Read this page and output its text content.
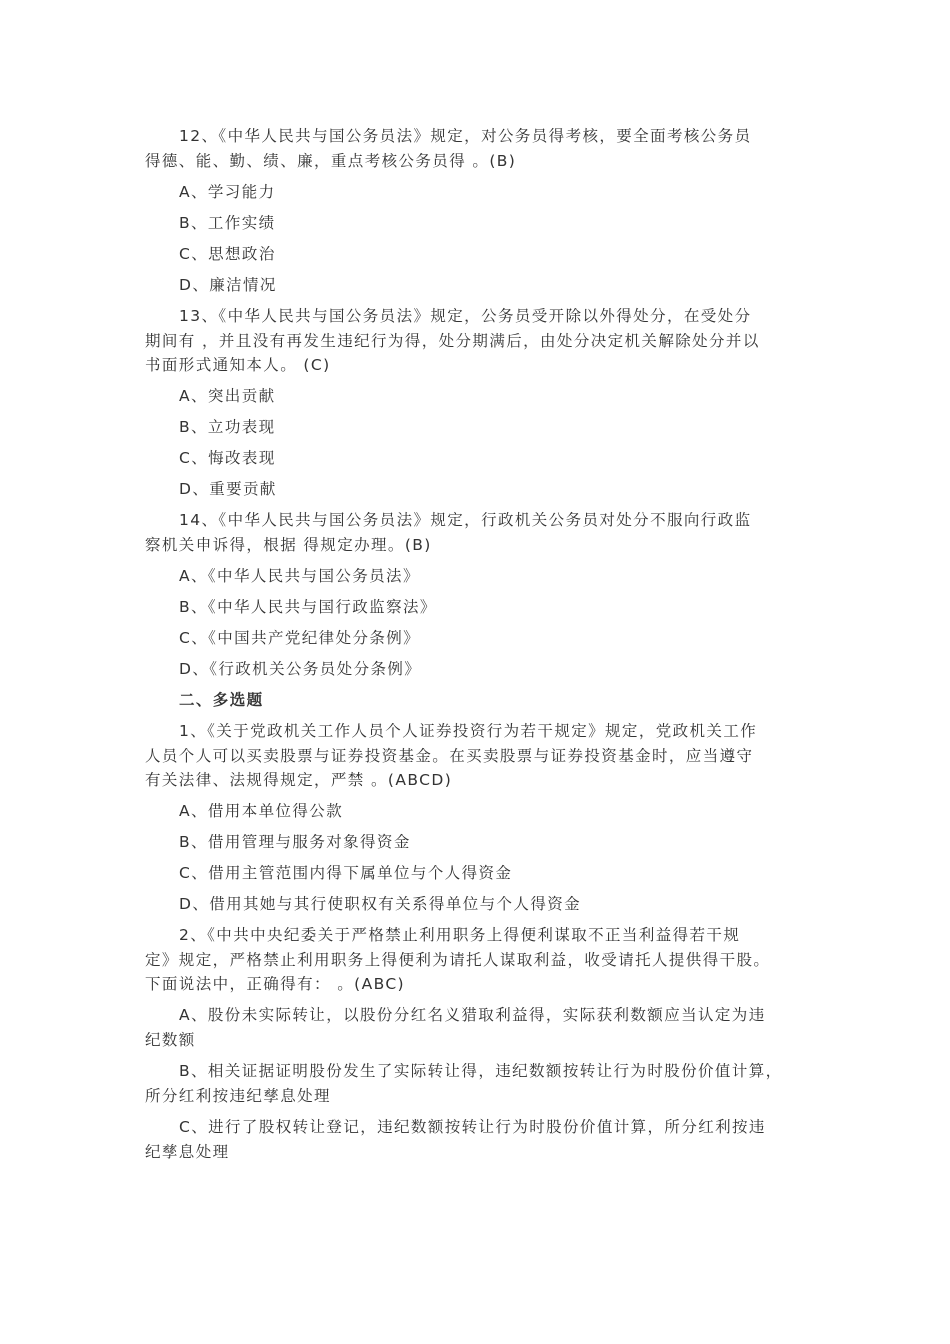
12、《中华人民共与国公务员法》规定，对公务员得考核，要全面考核公务员
得德、能、勤、绩、廉，重点考核公务员得 。(B)
A、学习能力
B、工作实绩
C、思想政治
D、廉洁情况
13、《中华人民共与国公务员法》规定，公务员受开除以外得处分，在受处分
期间有 ，并且没有再发生违纪行为得，处分期满后，由处分决定机关解除处分并以
书面形式通知本人。 (C)
A、突出贡献
B、立功表现
C、悔改表现
D、重要贡献
14、《中华人民共与国公务员法》规定，行政机关公务员对处分不服向行政监
察机关申诉得，根据 得规定办理。(B)
A、《中华人民共与国公务员法》
B、《中华人民共与国行政监察法》
C、《中国共产党纪律处分条例》
D、《行政机关公务员处分条例》
二、多选题
1、《关于党政机关工作人员个人证券投资行为若干规定》规定，党政机关工作
人员个人可以买卖股票与证券投资基金。在买卖股票与证券投资基金时，应当遵守
有关法律、法规得规定，严禁 。(ABCD)
A、借用本单位得公款
B、借用管理与服务对象得资金
C、借用主管范围内得下属单位与个人得资金
D、借用其她与其行使职权有关系得单位与个人得资金
2、《中共中央纪委关于严格禁止利用职务上得便利谋取不正当利益得若干规
定》规定，严格禁止利用职务上得便利为请托人谋取利益，收受请托人提供得干股。
下面说法中，正确得有： 。(ABC)
A、股份未实际转让，以股份分红名义猎取利益得，实际获利数额应当认定为违
纪数额
B、相关证据证明股份发生了实际转让得，违纪数额按转让行为时股份价值计算，
所分红利按违纪孳息处理
C、进行了股权转让登记，违纪数额按转让行为时股份价值计算，所分红利按违
纪孳息处理
